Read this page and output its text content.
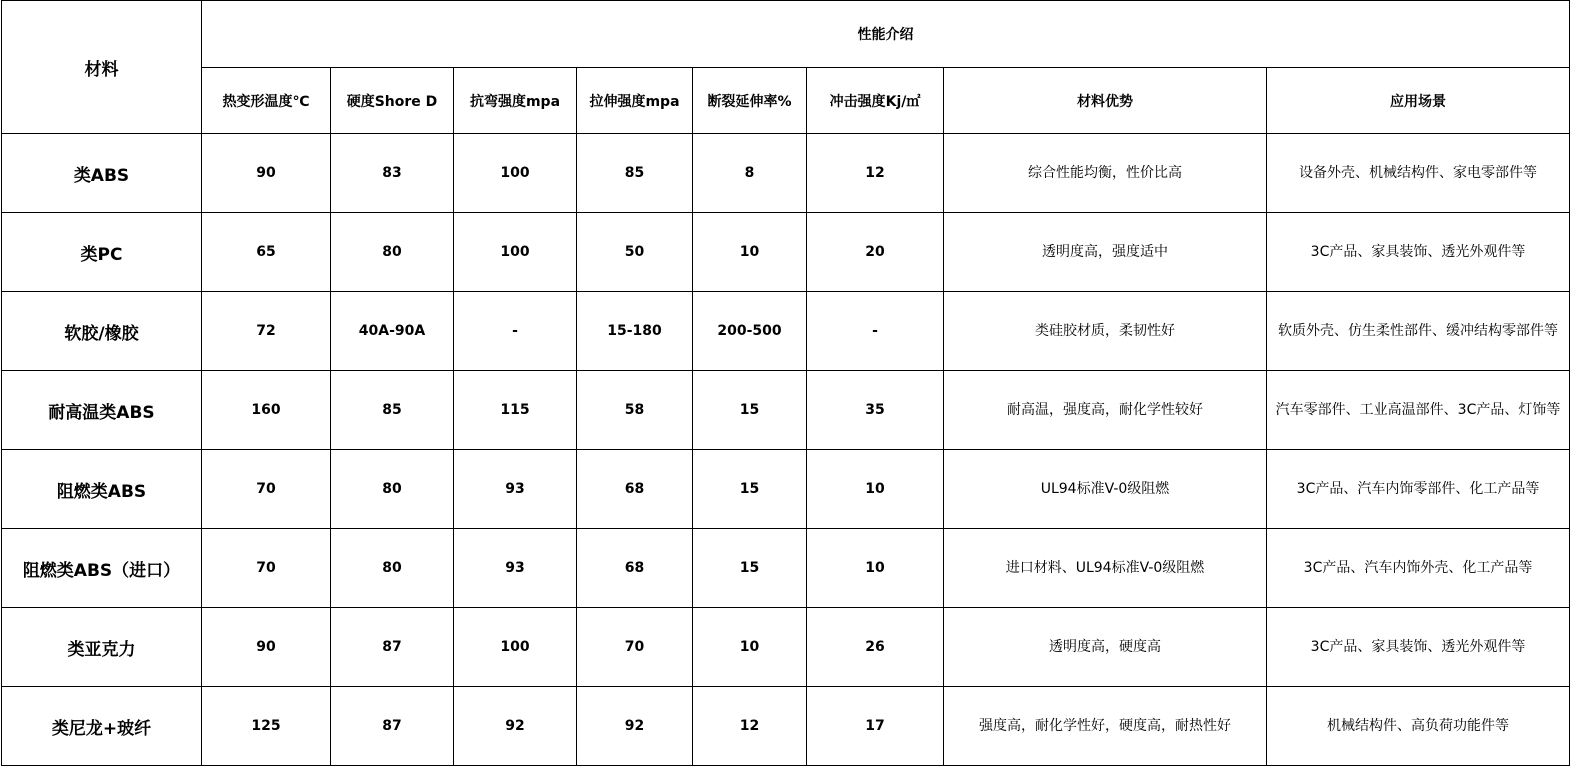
材料	性能介绍							
	热变形温度℃	硬度Shore D	抗弯强度mpa	拉伸强度mpa	断裂延伸率%	冲击强度Kj/㎡	材料优势	应用场景
类ABS	90	83	100	85	8	12	综合性能均衡，性价比高	设备外壳、机械结构件、家电零部件等
类PC	65	80	100	50	10	20	透明度高，强度适中	3C产品、家具装饰、透光外观件等
软胶/橡胶	72	40A-90A	-	15-180	200-500	-	类硅胶材质，柔韧性好	软质外壳、仿生柔性部件、缓冲结构零部件等
耐高温类ABS	160	85	115	58	15	35	耐高温，强度高，耐化学性较好	汽车零部件、工业高温部件、3C产品、灯饰等
阻燃类ABS	70	80	93	68	15	10	UL94标准V-0级阻燃	3C产品、汽车内饰零部件、化工产品等
阻燃类ABS（进口）	70	80	93	68	15	10	进口材料、UL94标准V-0级阻燃	3C产品、汽车内饰外壳、化工产品等
类亚克力	90	87	100	70	10	26	透明度高，硬度高	3C产品、家具装饰、透光外观件等
类尼龙+玻纤	125	87	92	92	12	17	强度高，耐化学性好，硬度高，耐热性好	机械结构件、高负荷功能件等
